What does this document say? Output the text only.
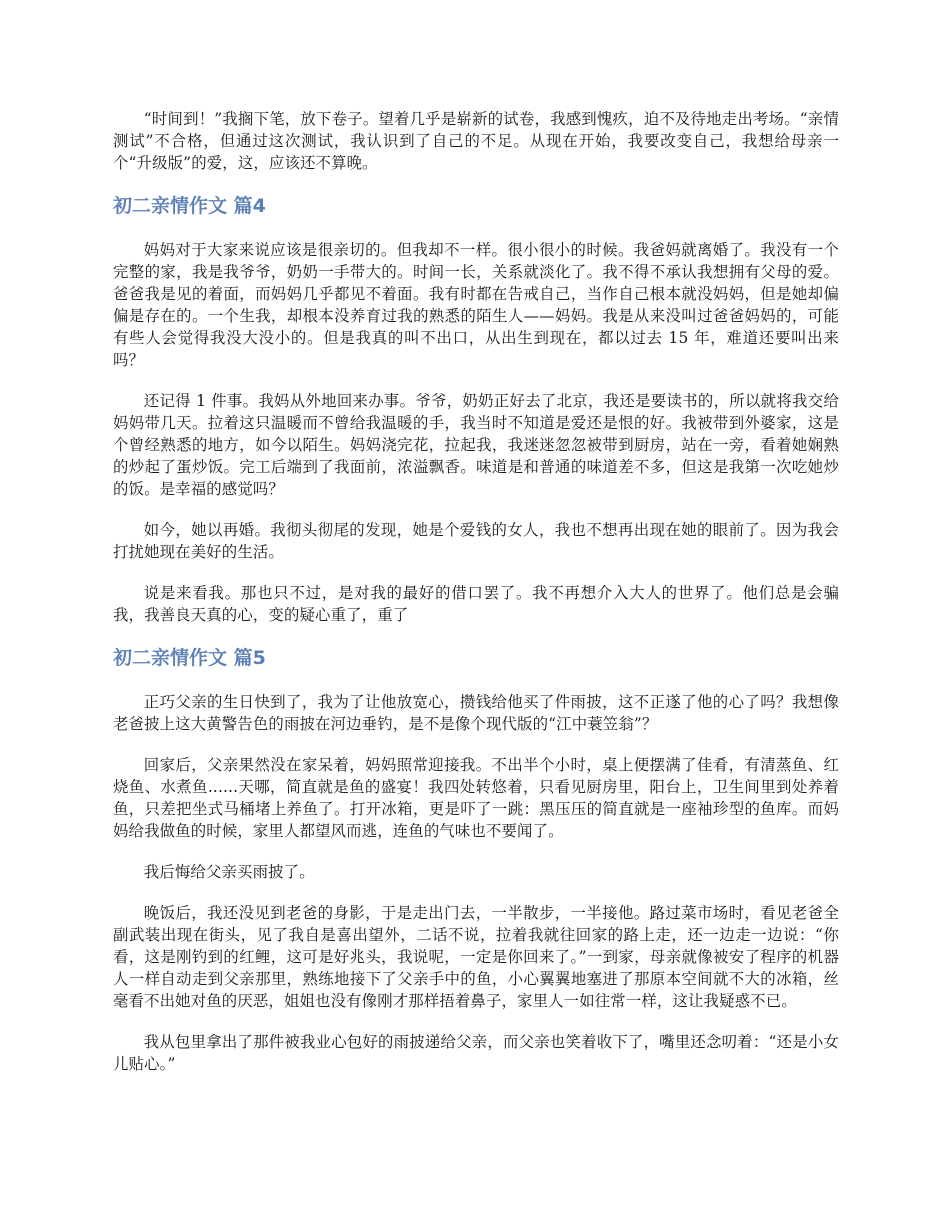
“时间到！”我搁下笔，放下卷子。望着几乎是崭新的试卷，我感到愧疚，迫不及待地走出考场。“亲情测试”不合格，但通过这次测试，我认识到了自己的不足。从现在开始，我要改变自己，我想给母亲一个“升级版”的爱，这，应该还不算晚。

初二亲情作文 篇4

妈妈对于大家来说应该是很亲切的。但我却不一样。很小很小的时候。我爸妈就离婚了。我没有一个完整的家，我是我爷爷，奶奶一手带大的。时间一长，关系就淡化了。我不得不承认我想拥有父母的爱。爸爸我是见的着面，而妈妈几乎都见不着面。我有时都在告戒自己，当作自己根本就没妈妈，但是她却偏偏是存在的。一个生我，却根本没养育过我的熟悉的陌生人——妈妈。我是从来没叫过爸爸妈妈的，可能有些人会觉得我没大没小的。但是我真的叫不出口，从出生到现在，都以过去 15 年，难道还要叫出来吗？

还记得 1 件事。我妈从外地回来办事。爷爷，奶奶正好去了北京，我还是要读书的，所以就将我交给妈妈带几天。拉着这只温暖而不曾给我温暖的手，我当时不知道是爱还是恨的好。我被带到外婆家，这是个曾经熟悉的地方，如今以陌生。妈妈浇完花，拉起我，我迷迷忽忽被带到厨房，站在一旁，看着她娴熟的炒起了蛋炒饭。完工后端到了我面前，浓溢飘香。味道是和普通的味道差不多，但这是我第一次吃她炒的饭。是幸福的感觉吗？

如今，她以再婚。我彻头彻尾的发现，她是个爱钱的女人，我也不想再出现在她的眼前了。因为我会打扰她现在美好的生活。

说是来看我。那也只不过，是对我的最好的借口罢了。我不再想介入大人的世界了。他们总是会骗我，我善良天真的心，变的疑心重了，重了

初二亲情作文 篇5

正巧父亲的生日快到了，我为了让他放宽心，攒钱给他买了件雨披，这不正遂了他的心了吗？我想像老爸披上这大黄警告色的雨披在河边垂钓，是不是像个现代版的“江中蓑笠翁”？

回家后，父亲果然没在家呆着，妈妈照常迎接我。不出半个小时，桌上便摆满了佳肴，有清蒸鱼、红烧鱼、水煮鱼......天哪，简直就是鱼的盛宴！我四处转悠着，只看见厨房里，阳台上，卫生间里到处养着鱼，只差把坐式马桶堵上养鱼了。打开冰箱，更是吓了一跳：黑压压的简直就是一座袖珍型的鱼库。而妈妈给我做鱼的时候，家里人都望风而逃，连鱼的气味也不要闻了。

我后悔给父亲买雨披了。

晚饭后，我还没见到老爸的身影，于是走出门去，一半散步，一半接他。路过菜市场时，看见老爸全副武装出现在街头，见了我自是喜出望外，二话不说，拉着我就往回家的路上走，还一边走一边说：“你看，这是刚钓到的红鲤，这可是好兆头，我说呢，一定是你回来了。”一到家，母亲就像被安了程序的机器人一样自动走到父亲那里，熟练地接下了父亲手中的鱼，小心翼翼地塞进了那原本空间就不大的冰箱，丝毫看不出她对鱼的厌恶，姐姐也没有像刚才那样捂着鼻子，家里人一如往常一样，这让我疑惑不已。

我从包里拿出了那件被我业心包好的雨披递给父亲，而父亲也笑着收下了，嘴里还念叨着：“还是小女儿贴心。”
